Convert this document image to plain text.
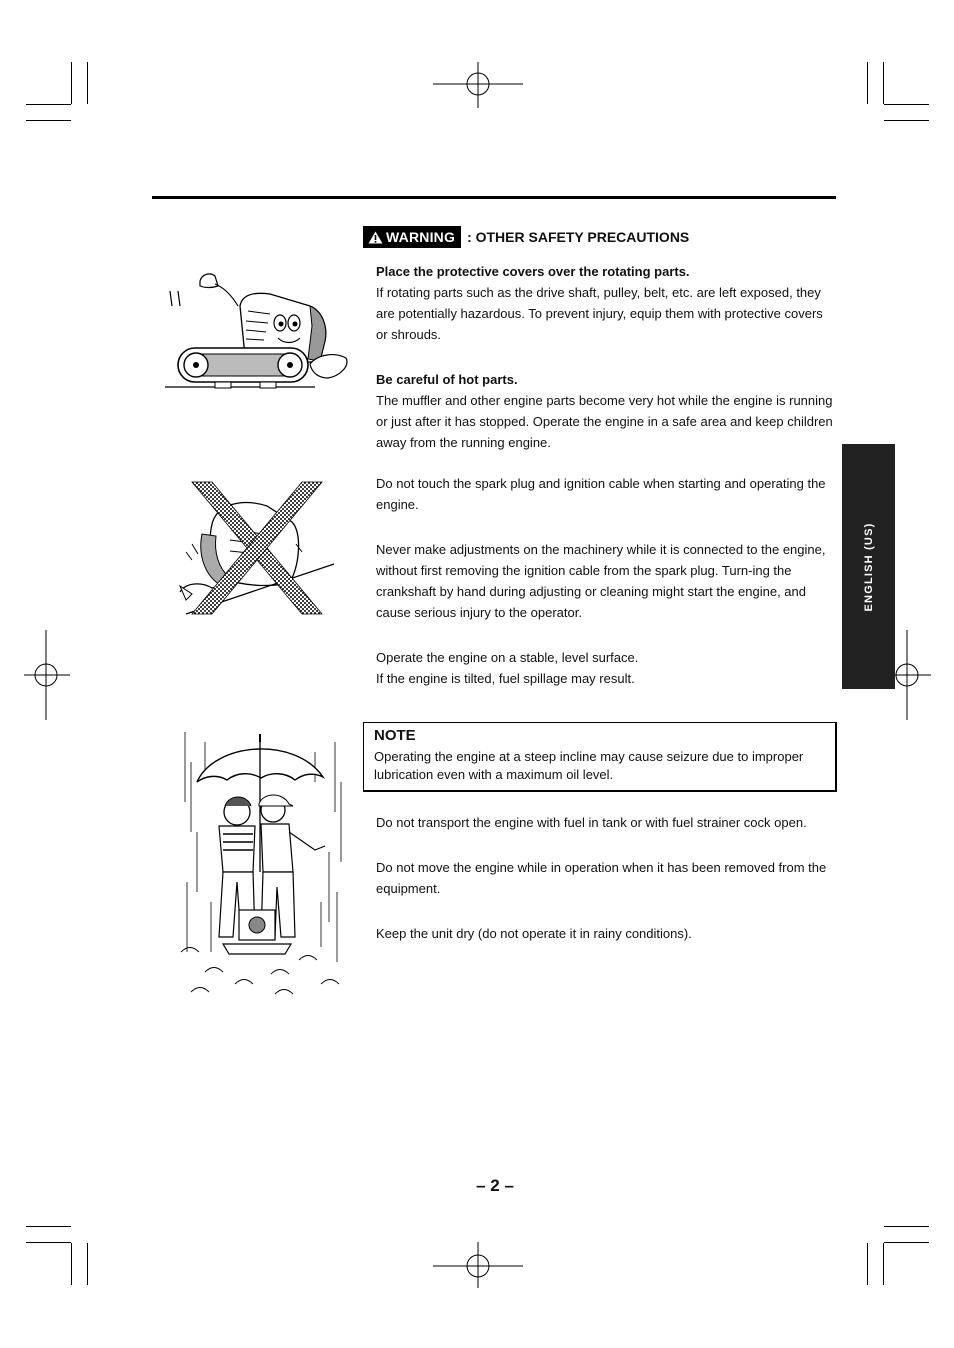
WARNING : OTHER SAFETY PRECAUTIONS
Place the protective covers over the rotating parts.
If rotating parts such as the drive shaft, pulley, belt, etc. are left exposed, they are potentially hazardous. To prevent injury, equip them with protective covers or shrouds.
Be careful of hot parts.
The muffler and other engine parts become very hot while the engine is running or just after it has stopped. Operate the engine in a safe area and keep children away from the running engine.
Do not touch the spark plug and ignition cable when starting and operating the engine.
Never make adjustments on the machinery while it is connected to the engine, without first removing the ignition cable from the spark plug. Turn-ing the crankshaft by hand during adjusting or cleaning might start the engine, and cause serious injury to the operator.
Operate the engine on a stable, level surface.
If the engine is tilted, fuel spillage may result.
NOTE
Operating the engine at a steep incline may cause seizure due to improper lubrication even with a maximum oil level.
Do not transport the engine with fuel in tank or with fuel strainer cock open.
Do not move the engine while in operation when it has been removed from the equipment.
Keep the unit dry (do not operate it in rainy conditions).
ENGLISH (US)
– 2 –
